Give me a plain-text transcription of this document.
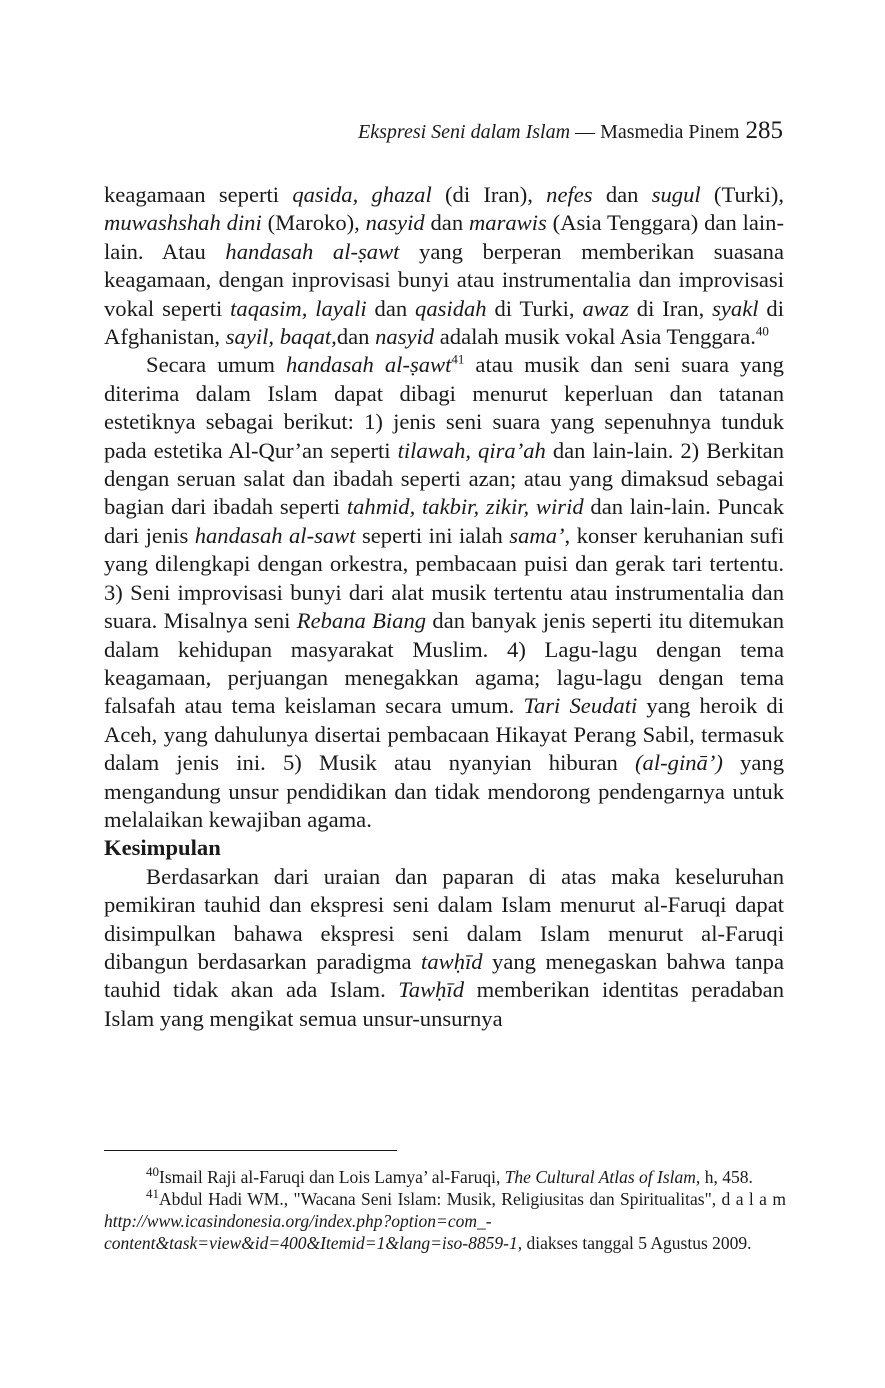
Ekspresi Seni dalam Islam — Masmedia Pinem 285

keagamaan seperti qasida, ghazal (di Iran), nefes dan sugul (Turki), muwashshah dini (Maroko), nasyid dan marawis (Asia Tenggara) dan lain-lain. Atau handasah al-ṣawt yang berperan memberikan suasana keagamaan, dengan inprovisasi bunyi atau instrumentalia dan improvisasi vokal seperti taqasim, layali dan qasidah di Turki, awaz di Iran, syakl di Afghanistan, sayil, baqat,dan nasyid adalah musik vokal Asia Tenggara.$^{40}$

Secara umum handasah al-ṣawt$^{41}$ atau musik dan seni suara yang diterima dalam Islam dapat dibagi menurut keperluan dan tatanan estetiknya sebagai berikut: 1) jenis seni suara yang sepenuhnya tunduk pada estetika Al-Qur’an seperti tilawah, qira’ah dan lain-lain. 2) Berkitan dengan seruan salat dan ibadah seperti azan; atau yang dimaksud sebagai bagian dari ibadah seperti tahmid, takbir, zikir, wirid dan lain-lain. Puncak dari jenis handasah al-sawt seperti ini ialah sama’, konser keruhanian sufi yang dilengkapi dengan orkestra, pembacaan puisi dan gerak tari tertentu. 3) Seni improvisasi bunyi dari alat musik tertentu atau instrumentalia dan suara. Misalnya seni Rebana Biang dan banyak jenis seperti itu ditemukan dalam kehidupan masyarakat Muslim. 4) Lagu-lagu dengan tema keagamaan, perjuangan menegakkan agama; lagu-lagu dengan tema falsafah atau tema keislaman secara umum. Tari Seudati yang heroik di Aceh, yang dahulunya disertai pembacaan Hikayat Perang Sabil, termasuk dalam jenis ini. 5) Musik atau nyanyian hiburan (al-ginā’) yang mengandung unsur pendidikan dan tidak mendorong pendengarnya untuk melalaikan kewajiban agama.

Kesimpulan

Berdasarkan dari uraian dan paparan di atas maka keseluruhan pemikiran tauhid dan ekspresi seni dalam Islam menurut al-Faruqi dapat disimpulkan bahawa ekspresi seni dalam Islam menurut al-Faruqi dibangun berdasarkan paradigma tawḥīd yang menegaskan bahwa tanpa tauhid tidak akan ada Islam. Tawḥīd memberikan identitas peradaban Islam yang mengikat semua unsur-unsurnya

$^{40}$Ismail Raji al-Faruqi dan Lois Lamya’ al-Faruqi, The Cultural Atlas of Islam, h, 458.

$^{41}$Abdul Hadi WM., "Wacana Seni Islam: Musik, Religiusitas dan Spiritualitas", d a l a m http://www.icasindonesia.org/index.php?option=com_-content&task=view&id=400&Itemid=1&lang=iso-8859-1, diakses tanggal 5 Agustus 2009.
